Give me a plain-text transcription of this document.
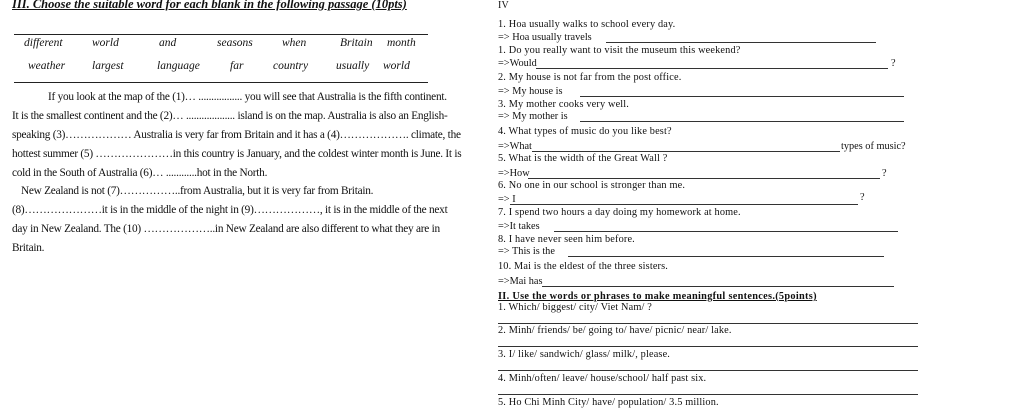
III. Choose the suitable word for each blank in the following passage (10pts)
different	world	and	seasons	when	Britain month
weather largest	language	far	country usually world
If you look at the map of the (1)… ................. you will see that Australia is the fifth continent.
It is the smallest continent and the (2)… ................... island is on the map. Australia is also an English-
speaking (3)……………… Australia is very far from Britain and it has a (4)………………. climate, the
hottest summer (5) …………………in this country is January, and the coldest winter month is June. It is
cold in the South of Australia (6)… ............hot in the North.
New Zealand is not (7)……………..from Australia, but it is very far from Britain.
(8)…………………it is in the middle of the night in (9)………………, it is in the middle of the next
day in New Zealand. The (10) ………………..in New Zealand are also different to what they are in
Britain.
IV
1. Hoa usually walks to school every day.
=> Hoa usually travels
1. Do you really want to visit the museum this weekend?
=>Would	?
2. My house is not far from the post office.
=> My house is
3. My mother cooks very well.
=> My mother is
4. What types of music do you like best?
=>What	types of music?
5. What is the width of the Great Wall ?
=>How	?
6. No one in our school is stronger than me.
=> I	?
7. I spend two hours a day doing my homework at home.
=>It takes
8. I have never seen him before.
=> This is the
10. Mai is the eldest of the three sisters.
=>Mai has
II. Use the words or phrases to make meaningful sentences.(5points)
1. Which/ biggest/ city/ Viet Nam/ ?
2. Minh/ friends/ be/ going to/ have/ picnic/ near/ lake.
3. I/ like/ sandwich/ glass/ milk/, please.
4. Minh/often/ leave/ house/school/ half past six.
5. Ho Chi Minh City/ have/ population/ 3.5 million.
